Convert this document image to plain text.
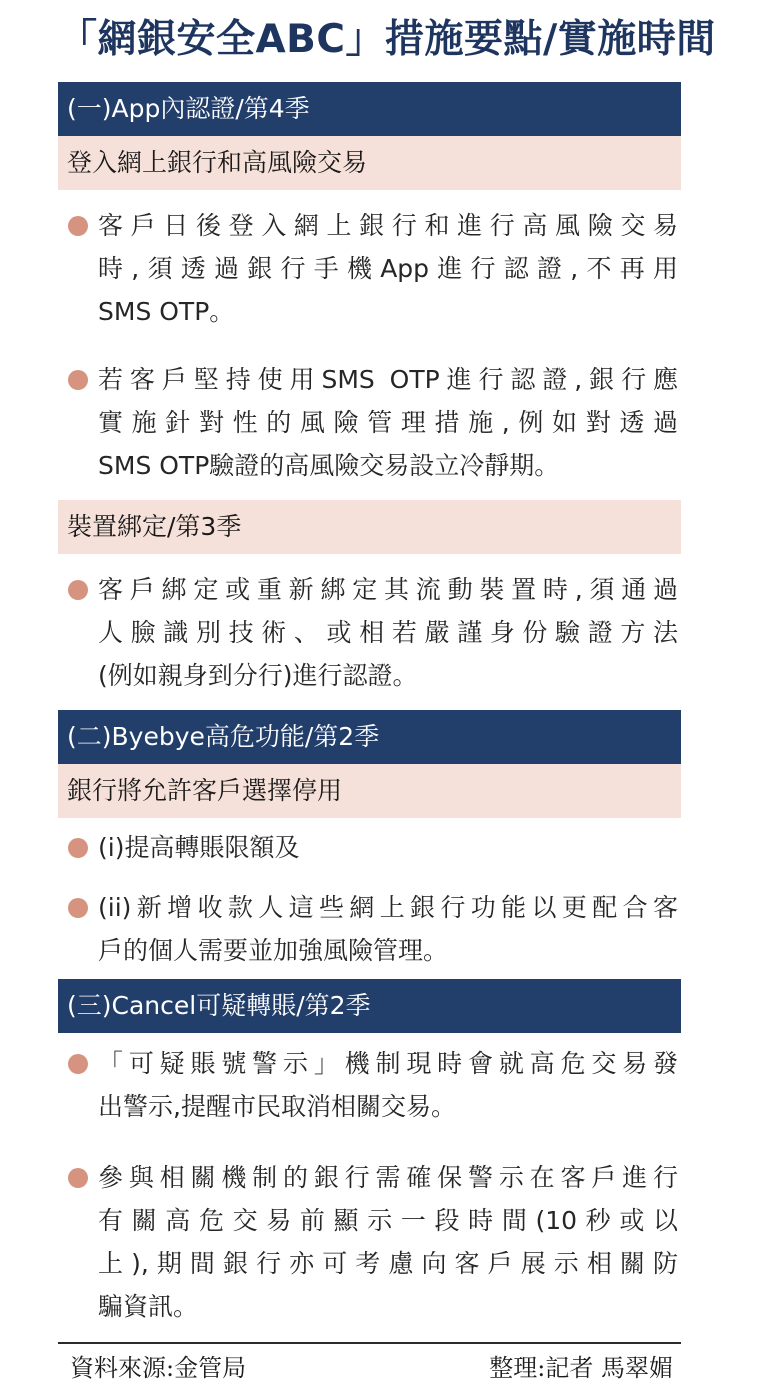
「網銀安全ABC」措施要點/實施時間
(一)App內認證/第4季
登入網上銀行和高風險交易
客戶日後登入網上銀行和進行高風險交易
時,須透過銀行手機App進行認證,不再用
SMS OTP。
若客戶堅持使用SMS OTP進行認證,銀行應
實施針對性的風險管理措施,例如對透過
SMS OTP驗證的高風險交易設立冷靜期。
裝置綁定/第3季
客戶綁定或重新綁定其流動裝置時,須通過
人臉識別技術、或相若嚴謹身份驗證方法
(例如親身到分行)進行認證。
(二)Byebye高危功能/第2季
銀行將允許客戶選擇停用
(i)提高轉賬限額及
(ii)新增收款人這些網上銀行功能以更配合客
戶的個人需要並加強風險管理。
(三)Cancel可疑轉賬/第2季
「可疑賬號警示」機制現時會就高危交易發
出警示,提醒市民取消相關交易。
參與相關機制的銀行需確保警示在客戶進行
有關高危交易前顯示一段時間(10秒或以
上),期間銀行亦可考慮向客戶展示相關防
騙資訊。
資料來源:金管局	整理:記者 馬翠媚
